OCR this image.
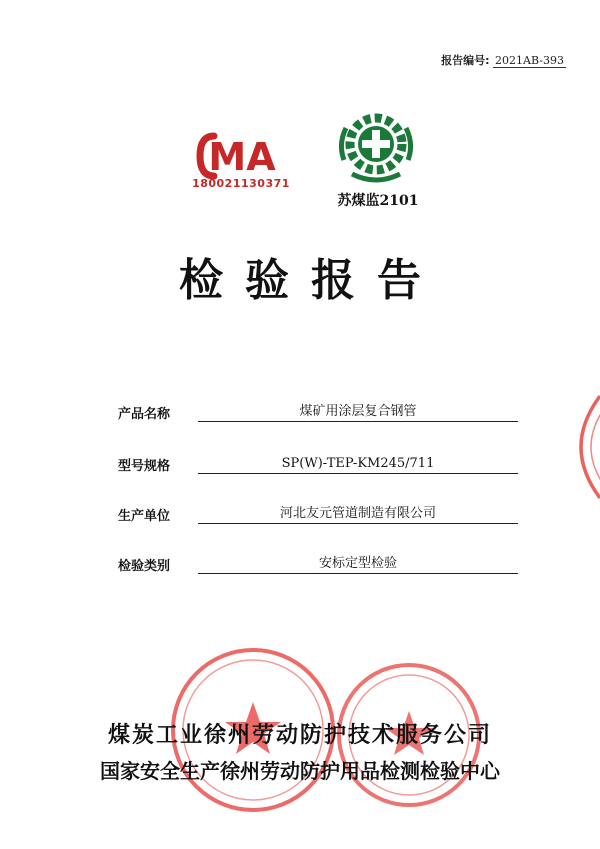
报告编号: 2021AB-393
MA
180021130371
苏煤监2101
检验报告
产品名称	煤矿用涂层复合钢管
型号规格	SP(W)-TEP-KM245/711
生产单位	河北友元管道制造有限公司
检验类别	安标定型检验
煤炭工业徐州劳动防护技术服务公司
国家安全生产徐州劳动防护用品检测检验中心
